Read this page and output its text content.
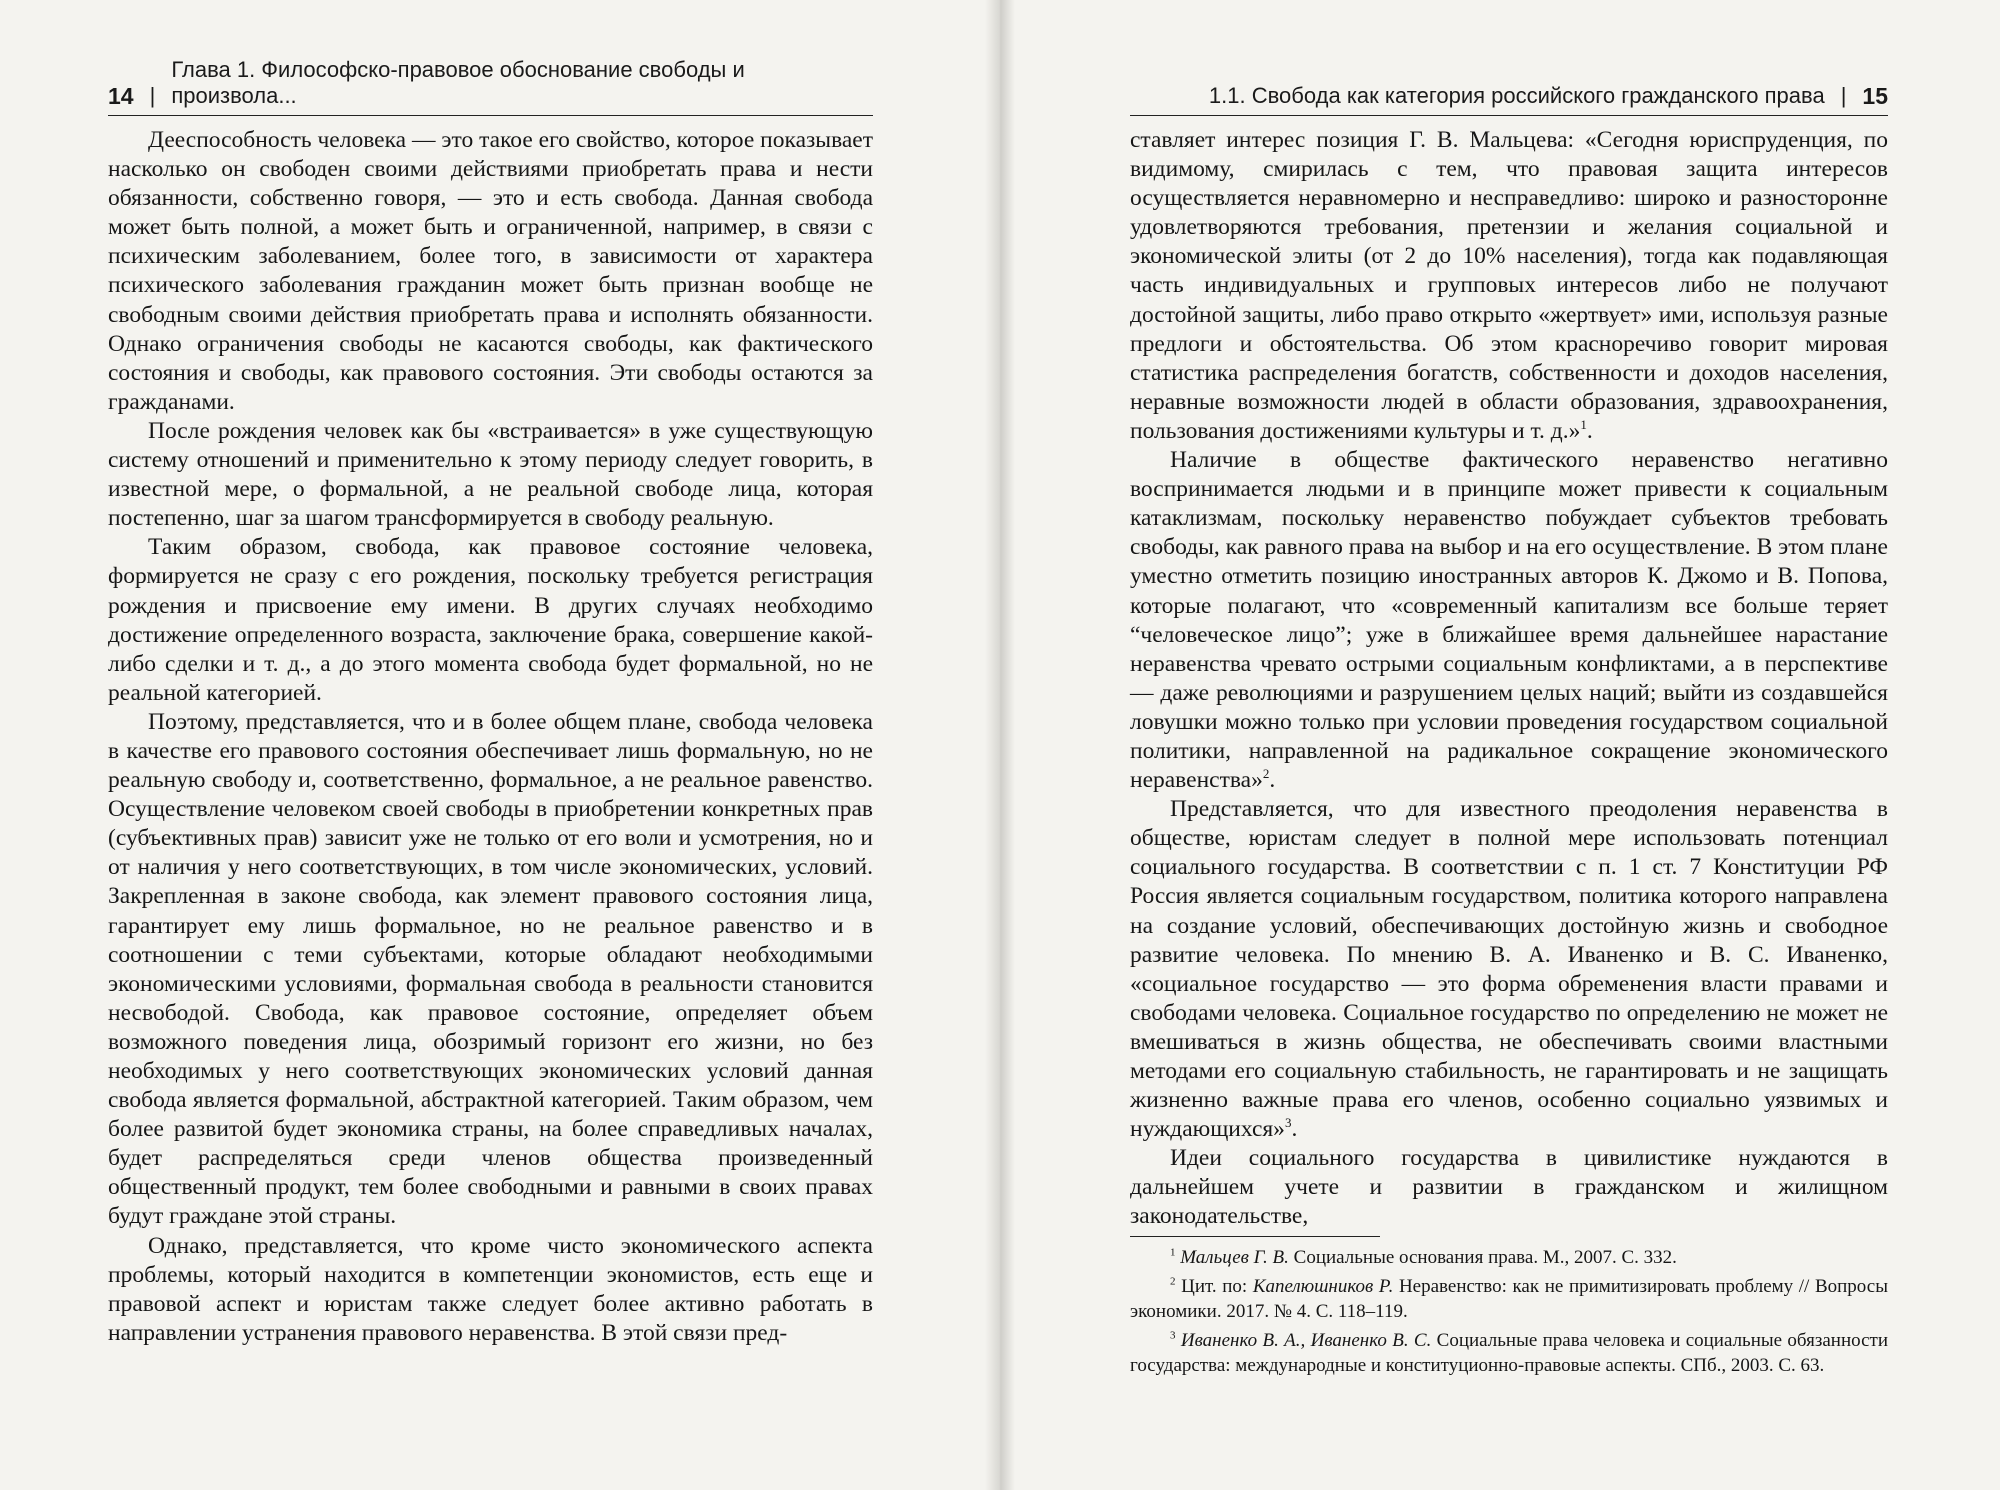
14 |
Глава 1. Философско-правовое обоснование свободы и произвола...

Дееспособность человека — это такое его свойство, которое показывает насколько он свободен своими действиями приобретать права и нести обязанности, собственно говоря, — это и есть свобода. Данная свобода может быть полной, а может быть и ограниченной, например, в связи с психическим заболеванием, более того, в зависимости от характера психического заболевания гражданин может быть признан вообще не свободным своими действия приобретать права и исполнять обязанности. Однако ограничения свободы не касаются свободы, как фактического состояния и свободы, как правового состояния. Эти свободы остаются за гражданами.

После рождения человек как бы «встраивается» в уже существующую систему отношений и применительно к этому периоду следует говорить, в известной мере, о формальной, а не реальной свободе лица, которая постепенно, шаг за шагом трансформируется в свободу реальную.

Таким образом, свобода, как правовое состояние человека, формируется не сразу с его рождения, поскольку требуется регистрация рождения и присвоение ему имени. В других случаях необходимо достижение определенного возраста, заключение брака, совершение какой-либо сделки и т. д., а до этого момента свобода будет формальной, но не реальной категорией.

Поэтому, представляется, что и в более общем плане, свобода человека в качестве его правового состояния обеспечивает лишь формальную, но не реальную свободу и, соответственно, формальное, а не реальное равенство. Осуществление человеком своей свободы в приобретении конкретных прав (субъективных прав) зависит уже не только от его воли и усмотрения, но и от наличия у него соответствующих, в том числе экономических, условий. Закрепленная в законе свобода, как элемент правового состояния лица, гарантирует ему лишь формальное, но не реальное равенство и в соотношении с теми субъектами, которые обладают необходимыми экономическими условиями, формальная свобода в реальности становится несвободой. Свобода, как правовое состояние, определяет объем возможного поведения лица, обозримый горизонт его жизни, но без необходимых у него соответствующих экономических условий данная свобода является формальной, абстрактной категорией. Таким образом, чем более развитой будет экономика страны, на более справедливых началах, будет распределяться среди членов общества произведенный общественный продукт, тем более свободными и равными в своих правах будут граждане этой страны.

Однако, представляется, что кроме чисто экономического аспекта проблемы, который находится в компетенции экономистов, есть еще и правовой аспект и юристам также следует более активно работать в направлении устранения правового неравенства. В этой связи пред-

1.1. Свобода как категория российского гражданского права | 15

ставляет интерес позиция Г. В. Мальцева: «Сегодня юриспруденция, по видимому, смирилась с тем, что правовая защита интересов осуществляется неравномерно и несправедливо: широко и разносторонне удовлетворяются требования, претензии и желания социальной и экономической элиты (от 2 до 10% населения), тогда как подавляющая часть индивидуальных и групповых интересов либо не получают достойной защиты, либо право открыто «жертвует» ими, используя разные предлоги и обстоятельства. Об этом красноречиво говорит мировая статистика распределения богатств, собственности и доходов населения, неравные возможности людей в области образования, здравоохранения, пользования достижениями культуры и т. д.»$^1$.

Наличие в обществе фактического неравенство негативно воспринимается людьми и в принципе может привести к социальным катаклизмам, поскольку неравенство побуждает субъектов требовать свободы, как равного права на выбор и на его осуществление. В этом плане уместно отметить позицию иностранных авторов К. Джомо и В. Попова, которые полагают, что «современный капитализм все больше теряет “человеческое лицо”; уже в ближайшее время дальнейшее нарастание неравенства чревато острыми социальным конфликтами, а в перспективе — даже революциями и разрушением целых наций; выйти из создавшейся ловушки можно только при условии проведения государством социальной политики, направленной на радикальное сокращение экономического неравенства»$^2$.

Представляется, что для известного преодоления неравенства в обществе, юристам следует в полной мере использовать потенциал социального государства. В соответствии с п. 1 ст. 7 Конституции РФ Россия является социальным государством, политика которого направлена на создание условий, обеспечивающих достойную жизнь и свободное развитие человека. По мнению В. А. Иваненко и В. С. Иваненко, «социальное государство — это форма обременения власти правами и свободами человека. Социальное государство по определению не может не вмешиваться в жизнь общества, не обеспечивать своими властными методами его социальную стабильность, не гарантировать и не защищать жизненно важные права его членов, особенно социально уязвимых и нуждающихся»$^3$.

Идеи социального государства в цивилистике нуждаются в дальнейшем учете и развитии в гражданском и жилищном законодательстве,

$^1$ Мальцев Г. В. Социальные основания права. М., 2007. С. 332.

$^2$ Цит. по: Капелюшников Р. Неравенство: как не примитизировать проблему // Вопросы экономики. 2017. № 4. С. 118–119.

$^3$ Иваненко В. А., Иваненко В. С. Социальные права человека и социальные обязанности государства: международные и конституционно-правовые аспекты. СПб., 2003. С. 63.
